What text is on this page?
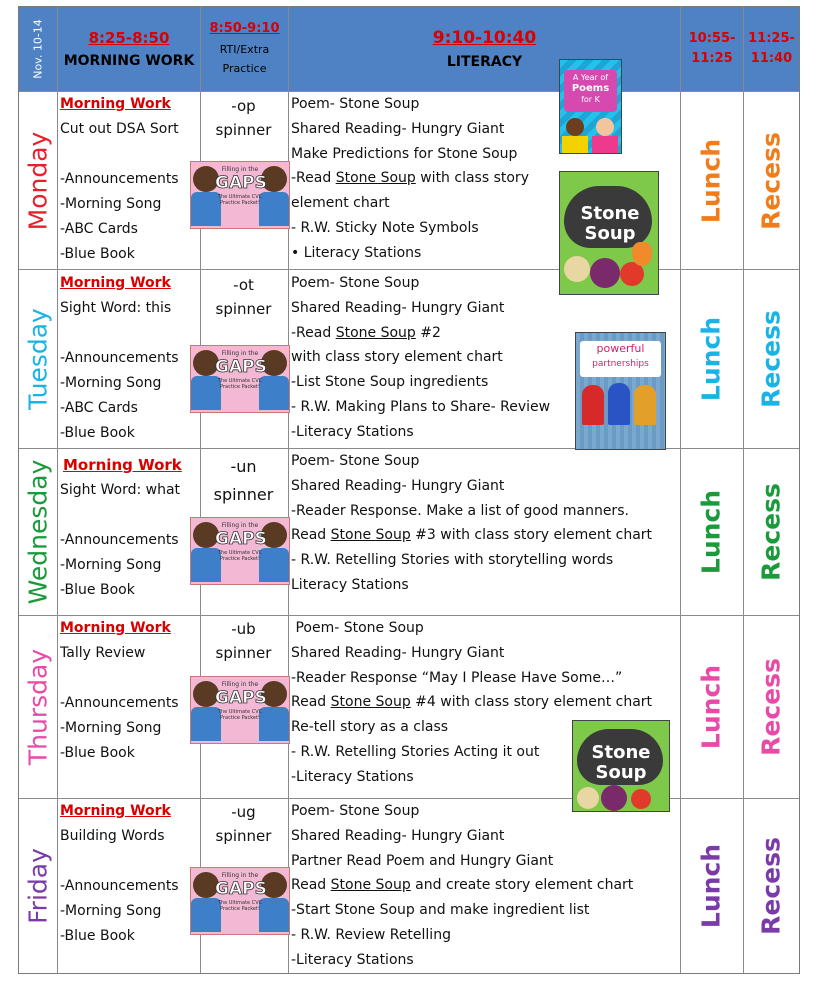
Nov. 10-14	8:25-8:50
MORNING WORK
8:50-9:10
RTI/Extra
Practice
9:10-10:40
LITERACY
10:55-
11:25
11:25-
11:40
Monday
Morning Work
Cut out DSA Sort

-Announcements
-Morning Song
-ABC Cards
-Blue Book
-op
spinner
Filling in the
GAPS
The Ultimate CVC Practice Packet!
Poem- Stone Soup
Shared Reading- Hungry Giant
Make Predictions for Stone Soup
-Read Stone Soup with class story
element chart
- R.W. Sticky Note Symbols
• Literacy Stations
A Year of
Poems
for K
Stone
Soup
Lunch Recess
Tuesday
Morning Work
Sight Word: this

-Announcements
-Morning Song
-ABC Cards
-Blue Book
-ot
spinner
Filling in the
GAPS
The Ultimate CVC Practice Packet!
Poem- Stone Soup
Shared Reading- Hungry Giant
-Read Stone Soup #2
with class story element chart
-List Stone Soup ingredients
- R.W. Making Plans to Share- Review
-Literacy Stations
powerful
partnerships	Lunch Recess
Wednesday Morning Work
Sight Word: what

-Announcements
-Morning Song
-Blue Book
-un
spinner
Filling in the
GAPS
The Ultimate CVC Practice Packet!
Poem- Stone Soup
Shared Reading- Hungry Giant
-Reader Response. Make a list of good manners.
Read Stone Soup #3 with class story element chart
- R.W. Retelling Stories with storytelling words
Literacy Stations
Lunch Recess
Thursday
Morning Work
Tally Review

-Announcements
-Morning Song
-Blue Book
-ub
spinner
Filling in the
GAPS
The Ultimate CVC Practice Packet!
Poem- Stone Soup
Shared Reading- Hungry Giant
-Reader Response “May I Please Have Some…”
Read Stone Soup #4 with class story element chart
Re-tell story as a class
- R.W. Retelling Stories Acting it out
-Literacy Stations
Stone
Soup
Lunch Recess
Friday
Morning Work
Building Words

-Announcements
-Morning Song
-Blue Book
-ug
spinner
Filling in the
GAPS
The Ultimate CVC Practice Packet!
Poem- Stone Soup
Shared Reading- Hungry Giant
Partner Read Poem and Hungry Giant
Read Stone Soup and create story element chart
-Start Stone Soup and make ingredient list
- R.W. Review Retelling
-Literacy Stations
Lunch Recess
